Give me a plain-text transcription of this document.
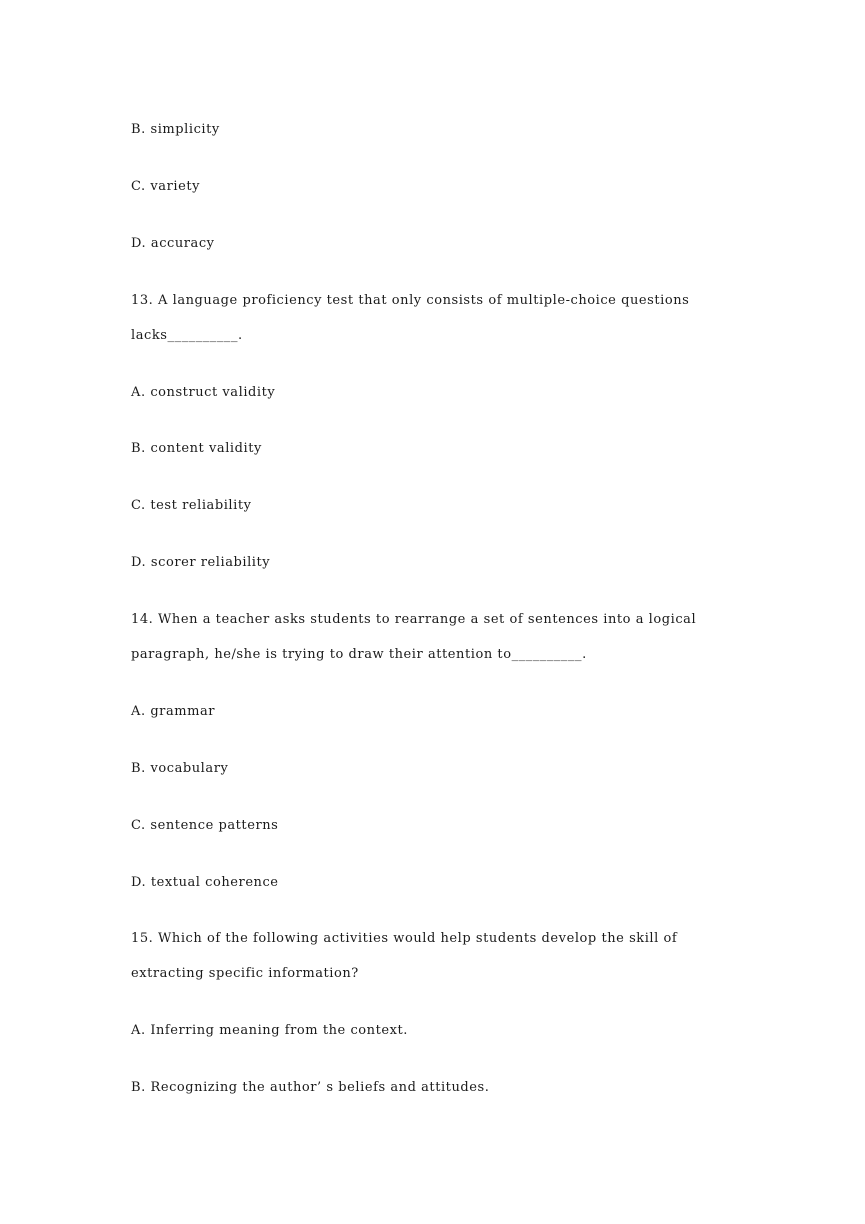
B. simplicity
C. variety
D. accuracy
13. A language proficiency test that only consists of multiple-choice questions
lacks__________.
A. construct validity
B. content validity
C. test reliability
D. scorer reliability
14. When a teacher asks students to rearrange a set of sentences into a logical
paragraph, he/she is trying to draw their attention to__________.
A. grammar
B. vocabulary
C. sentence patterns
D. textual coherence
15. Which of the following activities would help students develop the skill of
extracting specific information?
A. Inferring meaning from the context.
B. Recognizing the author’ s beliefs and attitudes.
